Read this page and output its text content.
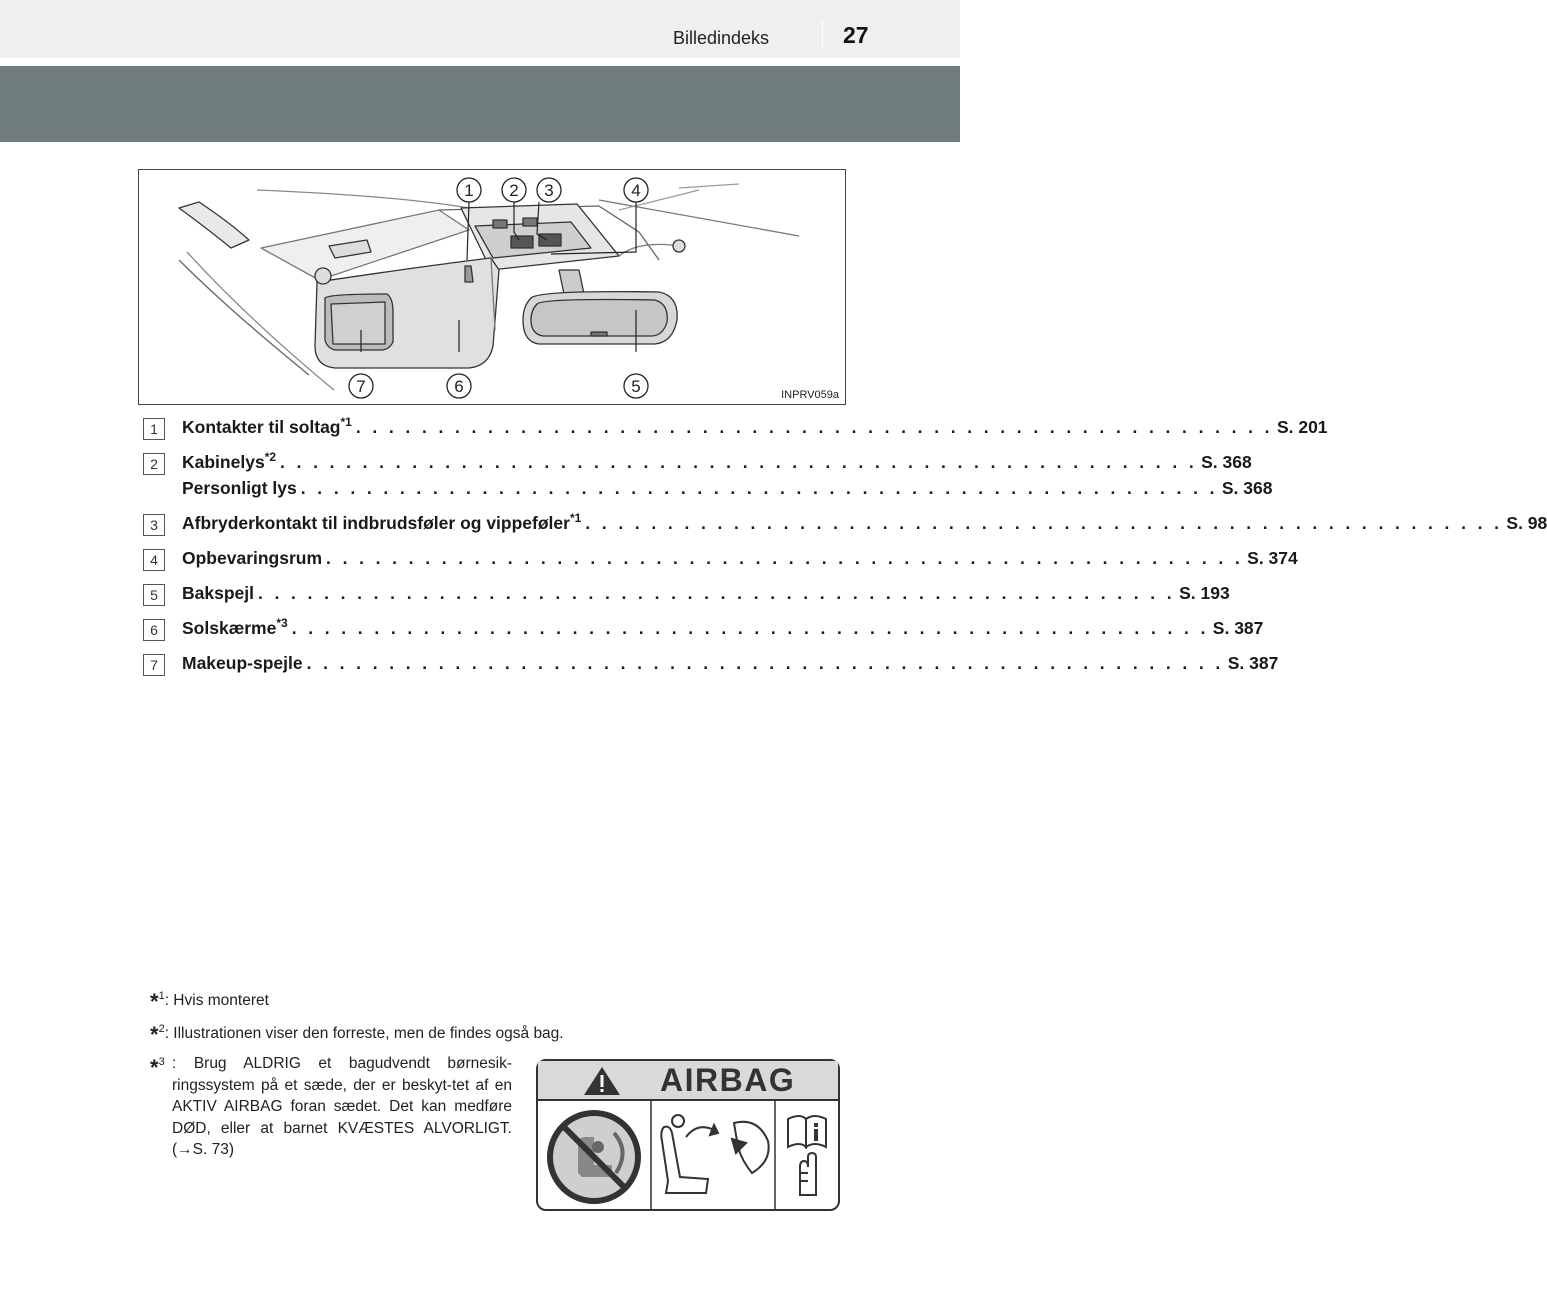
Billedindeks	27
1 2 3	4
5
6
7	INPRV059a
1	Kontakter til soltag$^{*1}$ . . . . . . . . . . . . . . . . . . . . . . . . . . . . . . . . . . . . . . . . . . . . . . . . . . . . . . . . S. 201
2	Kabinelys$^{*2}$ . . . . . . . . . . . . . . . . . . . . . . . . . . . . . . . . . . . . . . . . . . . . . . . . . . . . . . . . S. 368
Personligt lys . . . . . . . . . . . . . . . . . . . . . . . . . . . . . . . . . . . . . . . . . . . . . . . . . . . . . . . . S. 368
3	Afbryderkontakt til indbrudsføler og vippeføler$^{*1}$ . . . . . . . . . . . . . . . . . . . . . . . . . . . . . . . . . . . . . . . . . . . . . . . . . . . . . . . . S. 98
4	Opbevaringsrum . . . . . . . . . . . . . . . . . . . . . . . . . . . . . . . . . . . . . . . . . . . . . . . . . . . . . . . . S. 374
5	Bakspejl . . . . . . . . . . . . . . . . . . . . . . . . . . . . . . . . . . . . . . . . . . . . . . . . . . . . . . . . S. 193
6	Solskærme$^{*3}$ . . . . . . . . . . . . . . . . . . . . . . . . . . . . . . . . . . . . . . . . . . . . . . . . . . . . . . . . S. 387
7	Makeup-spejle . . . . . . . . . . . . . . . . . . . . . . . . . . . . . . . . . . . . . . . . . . . . . . . . . . . . . . . . S. 387
*$^1$: Hvis monteret
*$^2$: Illustrationen viser den forreste, men de findes også bag.
*$^3$ : Brug ALDRIG et bagudvendt børnesik-ringssystem på et sæde, der er beskyt-tet af en AKTIV AIRBAG foran sædet. Det kan medføre DØD, eller at barnet KVÆSTES ALVORLIGT. (→S. 73)
AIRBAG
